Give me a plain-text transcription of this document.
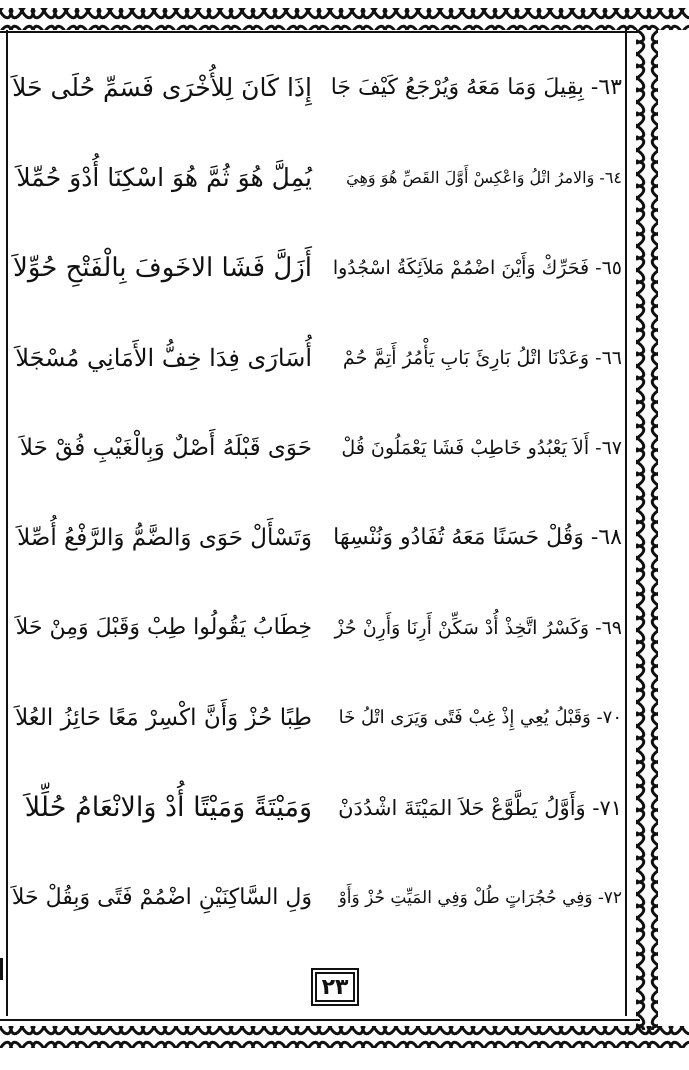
٦٣- بِقِيلَ وَمَا مَعَهُ وَيُرْجَعُ كَيْفَ جَا
إِذَا كَانَ لِلأُخْرَى فَسَمِّ حُلَى حَلاَ
٦٤- وَالامرُ اتْلُ وَاعْكِسْ أَوَّلَ القَصِّ هُوَ وَهِيَ
يُمِلَّ هُوَ ثُمَّ هُوَ اسْكِنَا أُدْوَ حُمِّلاَ
٦٥- فَحَرِّكْ وَأَيْنَ اضْمُمْ مَلاَئِكَةُ اسْجُدُوا
أَزَلَّ فَشَا الاخَوفَ بِالْفَتْحِ حُوِّلاَ
٦٦- وَعَدْنَا اتْلُ بَارِئَ بَابِ يَأْمُرُ أَتِمَّ حُمْ
أُسَارَى فِدَا خِفُّ الأَمَانِي مُسْجَلاَ
٦٧- أَلاَ يَعْبُدُو خَاطِبْ فَشَا يَعْمَلُونَ قُلْ
حَوَى قَبْلَهُ أَصْلٌ وَبِالْغَيْبِ فُقْ حَلاَ
٦٨- وَقُلْ حَسَنًا مَعَهُ تُفَادُو وَنُنْسِهَا
وَتَسْأَلْ حَوَى وَالضَّمُّ وَالرَّفْعُ أُصِّلاَ
٦٩- وَكَسْرُ اتَّخِذْ أُدْ سَكِّنْ أَرِنَا وَأَرِنْ حُزْ
خِطَابُ يَقُولُوا طِبْ وَقَبْلَ وَمِنْ حَلاَ
٧٠- وَقَبْلُ يُعِي إِذْ غِبْ فَتًى وَيَرَى اتْلُ خَا
طِبًا حُزْ وَأَنَّ اكْسِرْ مَعًا حَائِزُ العُلاَ
٧١- وَأَوَّلُ يَطَّوَّعْ حَلاَ المَيْتَةَ اشْدُدَنْ
وَمَيْتَةً وَمَيْتًا أُدْ وَالانْعَامُ حُلِّلاَ
٧٢- وَفِي حُجُرَاتٍ طُلْ وَفِي المَيِّتِ حُزْ وَأَوْ
وَلِ السَّاكِنَيْنِ اضْمُمْ فَتًى وَبِقُلْ حَلاَ
٢٣
